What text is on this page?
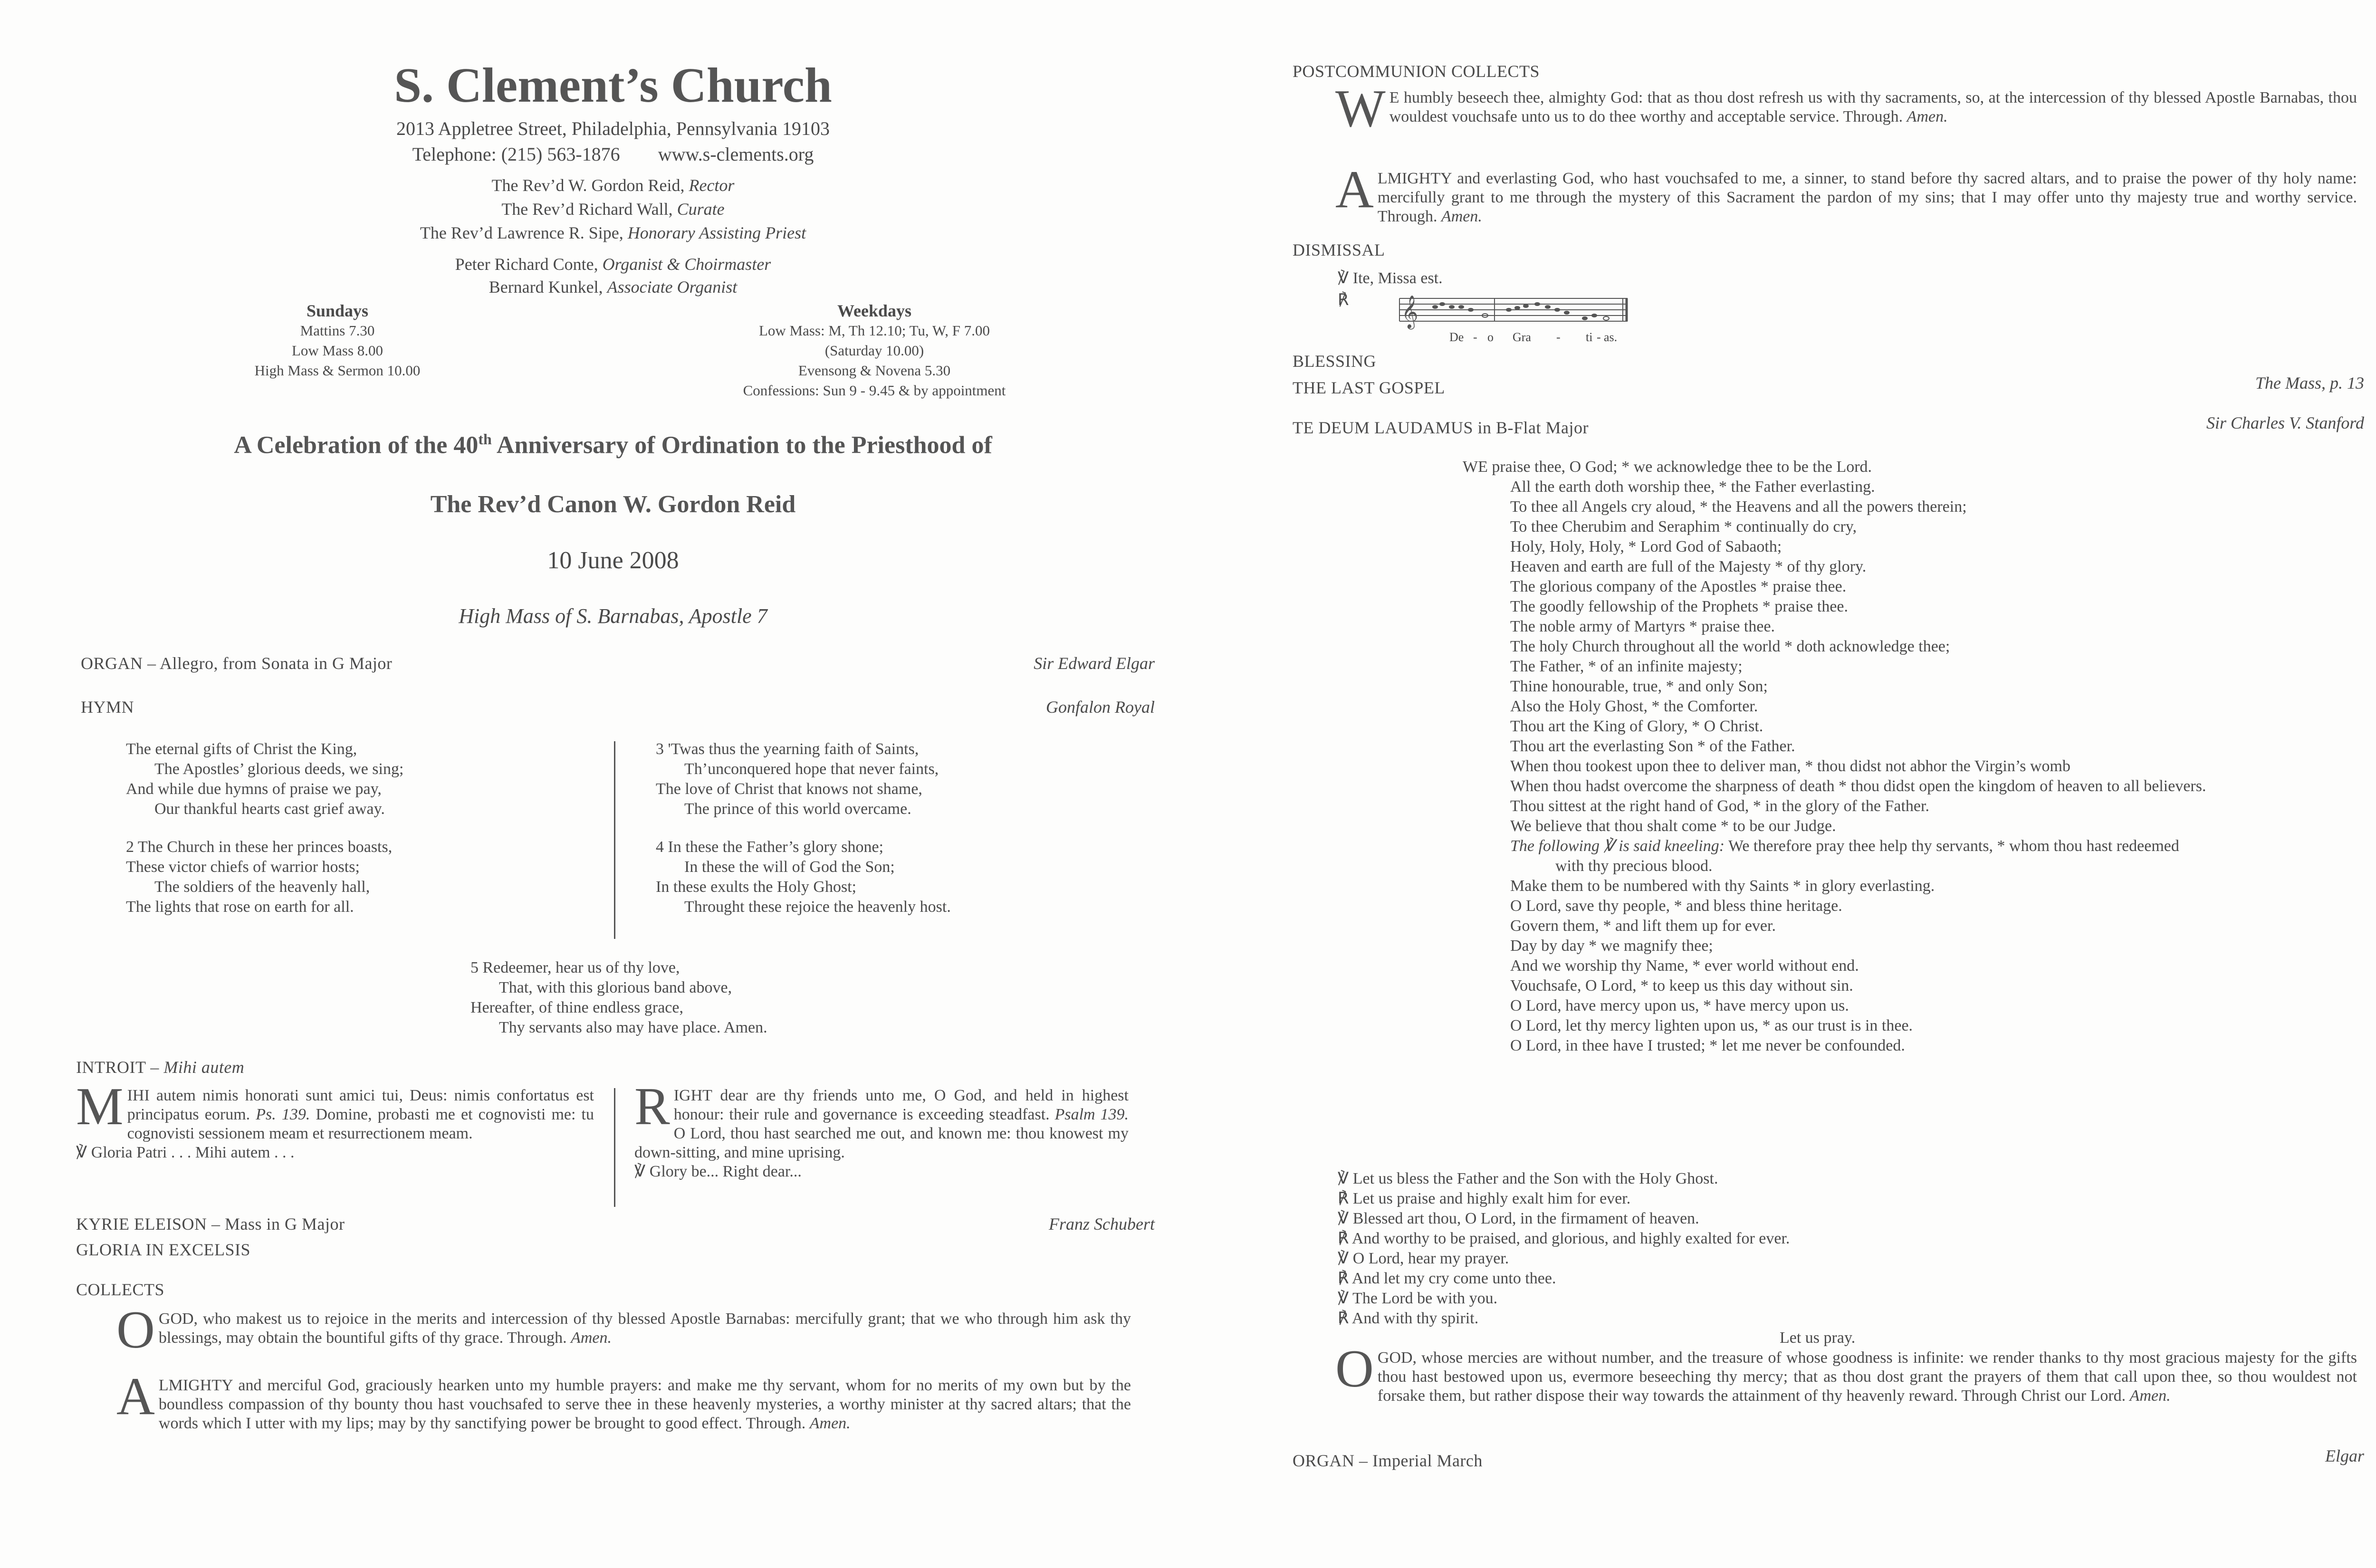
S. Clement’s Church
2013 Appletree Street, Philadelphia, Pennsylvania 19103
Telephone: (215) 563-1876 www.s-clements.org
The Rev’d W. Gordon Reid, Rector
The Rev’d Richard Wall, Curate
The Rev’d Lawrence R. Sipe, Honorary Assisting Priest
Peter Richard Conte, Organist & Choirmaster
Bernard Kunkel, Associate Organist
Sundays
Mattins 7.30
Low Mass 8.00
High Mass & Sermon 10.00
Weekdays
Low Mass: M, Th 12.10; Tu, W, F 7.00
(Saturday 10.00)
Evensong & Novena 5.30
Confessions: Sun 9 - 9.45 & by appointment
A Celebration of the 40th Anniversary of Ordination to the Priesthood of
The Rev’d Canon W. Gordon Reid
10 June 2008
High Mass of S. Barnabas, Apostle 7
ORGAN – Allegro, from Sonata in G Major	Sir Edward Elgar
HYMN	Gonfalon Royal
The eternal gifts of Christ the King,
The Apostles’ glorious deeds, we sing;
And while due hymns of praise we pay,
Our thankful hearts cast grief away.
2 The Church in these her princes boasts,
These victor chiefs of warrior hosts;
The soldiers of the heavenly hall,
The lights that rose on earth for all.
3 'Twas thus the yearning faith of Saints,
Th’unconquered hope that never faints,
The love of Christ that knows not shame,
The prince of this world overcame.
4 In these the Father’s glory shone;
In these the will of God the Son;
In these exults the Holy Ghost;
Throught these rejoice the heavenly host.
5 Redeemer, hear us of thy love,
That, with this glorious band above,
Hereafter, of thine endless grace,
Thy servants also may have place. Amen.
INTROIT – Mihi autem
MIHI autem nimis honorati sunt amici tui, Deus: nimis confortatus est principatus eorum. Ps. 139. Domine, probasti me et cognovisti me: tu cognovisti sessionem meam et resurrectionem meam.
℣ Gloria Patri . . . Mihi autem . . .
RIGHT dear are thy friends unto me, O God, and held in highest honour: their rule and governance is exceeding steadfast. Psalm 139. O Lord, thou hast searched me out, and known me: thou knowest my down-sitting, and mine uprising.
℣ Glory be... Right dear...
KYRIE ELEISON – Mass in G Major	Franz Schubert
GLORIA IN EXCELSIS
COLLECTS
OGOD, who makest us to rejoice in the merits and intercession of thy blessed Apostle Barnabas: mercifully grant; that we who through him ask thy blessings, may obtain the bountiful gifts of thy grace. Through. Amen.
ALMIGHTY and merciful God, graciously hearken unto my humble prayers: and make me thy servant, whom for no merits of my own but by the boundless compassion of thy bounty thou hast vouchsafed to serve thee in these heavenly mysteries, a worthy minister at thy sacred altars; that the words which I utter with my lips; may by thy sanctifying power be brought to good effect. Through. Amen.
POSTCOMMUNION COLLECTS
W E humbly beseech thee, almighty God: that as thou dost refresh us with thy sacraments, so, at the intercession of thy blessed Apostle Barnabas, thou wouldest vouchsafe unto us to do thee worthy and acceptable service. Through. Amen.
ALMIGHTY and everlasting God, who hast vouchsafed to me, a sinner, to stand before thy sacred altars, and to praise the power of thy holy name: mercifully grant to me through the mystery of this Sacrament the pardon of my sins; that I may offer unto thy majesty true and worthy service. Through. Amen.
DISMISSAL
℣ Ite, Missa est.
℟ 𝄞
De - o Gra - ti - as.
BLESSING
THE LAST GOSPEL	The Mass, p. 13
TE DEUM LAUDAMUS in B-Flat Major	Sir Charles V. Stanford
WE praise thee, O God; * we acknowledge thee to be the Lord.
All the earth doth worship thee, * the Father everlasting.
To thee all Angels cry aloud, * the Heavens and all the powers therein;
To thee Cherubim and Seraphim * continually do cry,
Holy, Holy, Holy, * Lord God of Sabaoth;
Heaven and earth are full of the Majesty * of thy glory.
The glorious company of the Apostles * praise thee.
The goodly fellowship of the Prophets * praise thee.
The noble army of Martyrs * praise thee.
The holy Church throughout all the world * doth acknowledge thee;
The Father, * of an infinite majesty;
Thine honourable, true, * and only Son;
Also the Holy Ghost, * the Comforter.
Thou art the King of Glory, * O Christ.
Thou art the everlasting Son * of the Father.
When thou tookest upon thee to deliver man, * thou didst not abhor the Virgin’s womb
When thou hadst overcome the sharpness of death * thou didst open the kingdom of heaven to all believers.
Thou sittest at the right hand of God, * in the glory of the Father.
We believe that thou shalt come * to be our Judge.
The following ℣ is said kneeling: We therefore pray thee help thy servants, * whom thou hast redeemed
with thy precious blood.
Make them to be numbered with thy Saints * in glory everlasting.
O Lord, save thy people, * and bless thine heritage.
Govern them, * and lift them up for ever.
Day by day * we magnify thee;
And we worship thy Name, * ever world without end.
Vouchsafe, O Lord, * to keep us this day without sin.
O Lord, have mercy upon us, * have mercy upon us.
O Lord, let thy mercy lighten upon us, * as our trust is in thee.
O Lord, in thee have I trusted; * let me never be confounded.
℣ Let us bless the Father and the Son with the Holy Ghost.
℟ Let us praise and highly exalt him for ever.
℣ Blessed art thou, O Lord, in the firmament of heaven.
℟ And worthy to be praised, and glorious, and highly exalted for ever.
℣ O Lord, hear my prayer.
℟ And let my cry come unto thee.
℣ The Lord be with you.
℟ And with thy spirit.
Let us pray.
OGOD, whose mercies are without number, and the treasure of whose goodness is infinite: we render thanks to thy most gracious majesty for the gifts thou hast bestowed upon us, evermore beseeching thy mercy; that as thou dost grant the prayers of them that call upon thee, so thou wouldest not forsake them, but rather dispose their way towards the attainment of thy heavenly reward. Through Christ our Lord. Amen.
ORGAN – Imperial March	Elgar
